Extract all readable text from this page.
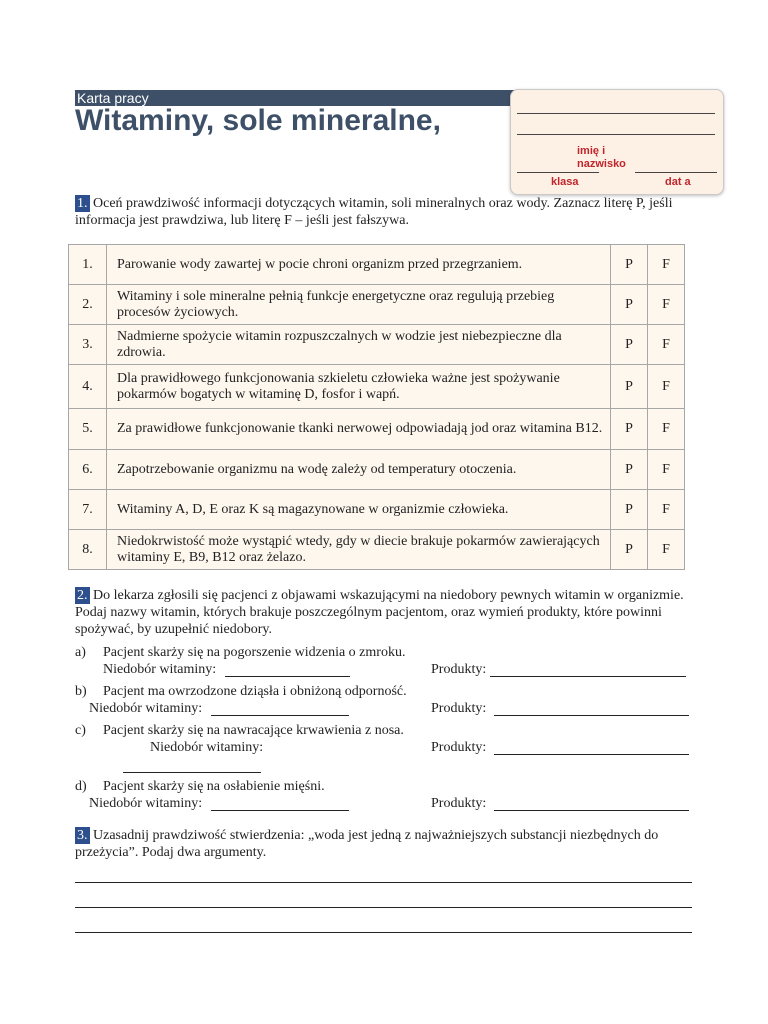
Karta pracy
Witaminy, sole mineralne,
imię i nazwisko
klasa	dat a
1. Oceń prawdziwość informacji dotyczących witamin, soli mineralnych oraz wody. Zaznacz literę P, jeśli informacja jest prawdziwa, lub literę F – jeśli jest fałszywa.
1.	Parowanie wody zawartej w pocie chroni organizm przed przegrzaniem.	P	F
2.	Witaminy i sole mineralne pełnią funkcje energetyczne oraz regulują przebieg procesów życiowych.	P	F
3.	Nadmierne spożycie witamin rozpuszczalnych w wodzie jest niebezpieczne dla zdrowia.	P	F
4.	Dla prawidłowego funkcjonowania szkieletu człowieka ważne jest spożywanie pokarmów bogatych w witaminę D, fosfor i wapń.	P	F
5.	Za prawidłowe funkcjonowanie tkanki nerwowej odpowiadają jod oraz witamina B12.	P	F
6.	Zapotrzebowanie organizmu na wodę zależy od temperatury otoczenia.	P	F
7.	Witaminy A, D, E oraz K są magazynowane w organizmie człowieka.	P	F
8.	Niedokrwistość może wystąpić wtedy, gdy w diecie brakuje pokarmów zawierających witaminy E, B9, B12 oraz żelazo.	P	F
2. Do lekarza zgłosili się pacjenci z objawami wskazującymi na niedobory pewnych witamin w organizmie. Podaj nazwy witamin, których brakuje poszczególnym pacjentom, oraz wymień produkty, które powinni spożywać, by uzupełnić niedobory.
a) Pacjent skarży się na pogorszenie widzenia o zmroku.
Niedobór witaminy:	Produkty:
b) Pacjent ma owrzodzone dziąsła i obniżoną odporność.
Niedobór witaminy:	Produkty:
c) Pacjent skarży się na nawracające krwawienia z nosa.
Niedobór witaminy:	Produkty:
d) Pacjent skarży się na osłabienie mięśni.
Niedobór witaminy:	Produkty:
3. Uzasadnij prawdziwość stwierdzenia: „woda jest jedną z najważniejszych substancji niezbędnych do przeżycia”. Podaj dwa argumenty.
